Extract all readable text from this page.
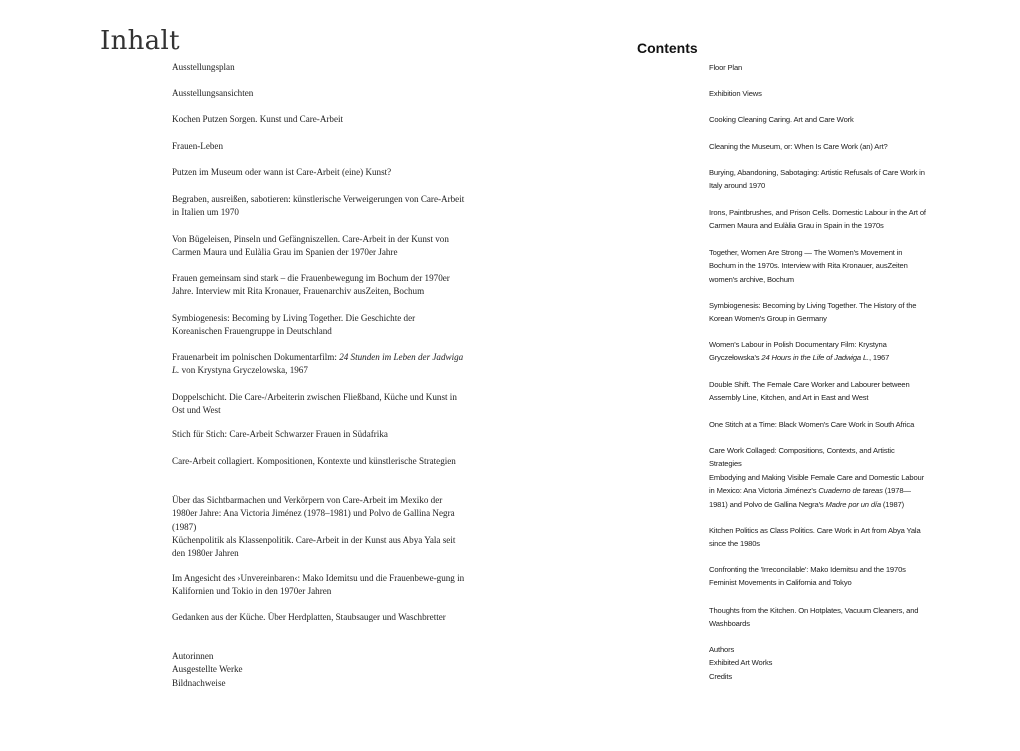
Inhalt	Contents
Ausstellungsplan
Ausstellungsansichten
Kochen Putzen Sorgen. Kunst und Care-Arbeit
Frauen-Leben
Putzen im Museum oder wann ist Care-Arbeit (eine) Kunst?
Begraben, ausreißen, sabotieren: künstlerische Verweigerungen von Care-Arbeit in Italien um 1970
Von Bügeleisen, Pinseln und Gefängniszellen. Care-Arbeit in der Kunst von Carmen Maura und Eulàlia Grau im Spanien der 1970er Jahre
Frauen gemeinsam sind stark – die Frauenbewegung im Bochum der 1970er Jahre. Interview mit Rita Kronauer, Frauenarchiv ausZeiten, Bochum
Symbiogenesis: Becoming by Living Together. Die Geschichte der Koreanischen Frauengruppe in Deutschland
Frauenarbeit im polnischen Dokumentarfilm: 24 Stunden im Leben der Jadwiga L. von Krystyna Gryczelowska, 1967
Doppelschicht. Die Care-/Arbeiterin zwischen Fließband, Küche und Kunst in Ost und West
Stich für Stich: Care-Arbeit Schwarzer Frauen in Südafrika
Care-Arbeit collagiert. Kompositionen, Kontexte und künstlerische Strategien
Über das Sichtbarmachen und Verkörpern von Care-Arbeit im Mexiko der 1980er Jahre: Ana Victoria Jiménez (1978–1981) und Polvo de Gallina Negra (1987)
Küchenpolitik als Klassenpolitik. Care-Arbeit in der Kunst aus Abya Yala seit den 1980er Jahren
Im Angesicht des ›Unvereinbaren‹: Mako Idemitsu und die Frauenbewe-gung in Kalifornien und Tokio in den 1970er Jahren
Gedanken aus der Küche. Über Herdplatten, Staubsauger und Waschbretter
Autorinnen
Ausgestellte Werke
Bildnachweise
Floor Plan
Exhibition Views
Cooking Cleaning Caring. Art and Care Work
Cleaning the Museum, or: When Is Care Work (an) Art?
Burying, Abandoning, Sabotaging: Artistic Refusals of Care Work in Italy around 1970
Irons, Paintbrushes, and Prison Cells. Domestic Labour in the Art of Carmen Maura and Eulàlia Grau in Spain in the 1970s
Together, Women Are Strong — The Women's Movement in Bochum in the 1970s. Interview with Rita Kronauer, ausZeiten women's archive, Bochum
Symbiogenesis: Becoming by Living Together. The History of the Korean Women's Group in Germany
Women's Labour in Polish Documentary Film: Krystyna Gryczełowska's 24 Hours in the Life of Jadwiga L., 1967
Double Shift. The Female Care Worker and Labourer between Assembly Line, Kitchen, and Art in East and West
One Stitch at a Time: Black Women's Care Work in South Africa
Care Work Collaged: Compositions, Contexts, and Artistic Strategies
Embodying and Making Visible Female Care and Domestic Labour in Mexico: Ana Victoria Jiménez's Cuaderno de tareas (1978—1981) and Polvo de Gallina Negra's Madre por un día (1987)
Kitchen Politics as Class Politics. Care Work in Art from Abya Yala since the 1980s
Confronting the 'Irreconcilable': Mako Idemitsu and the 1970s Feminist Movements in California and Tokyo
Thoughts from the Kitchen. On Hotplates, Vacuum Cleaners, and Washboards
Authors
Exhibited Art Works
Credits
